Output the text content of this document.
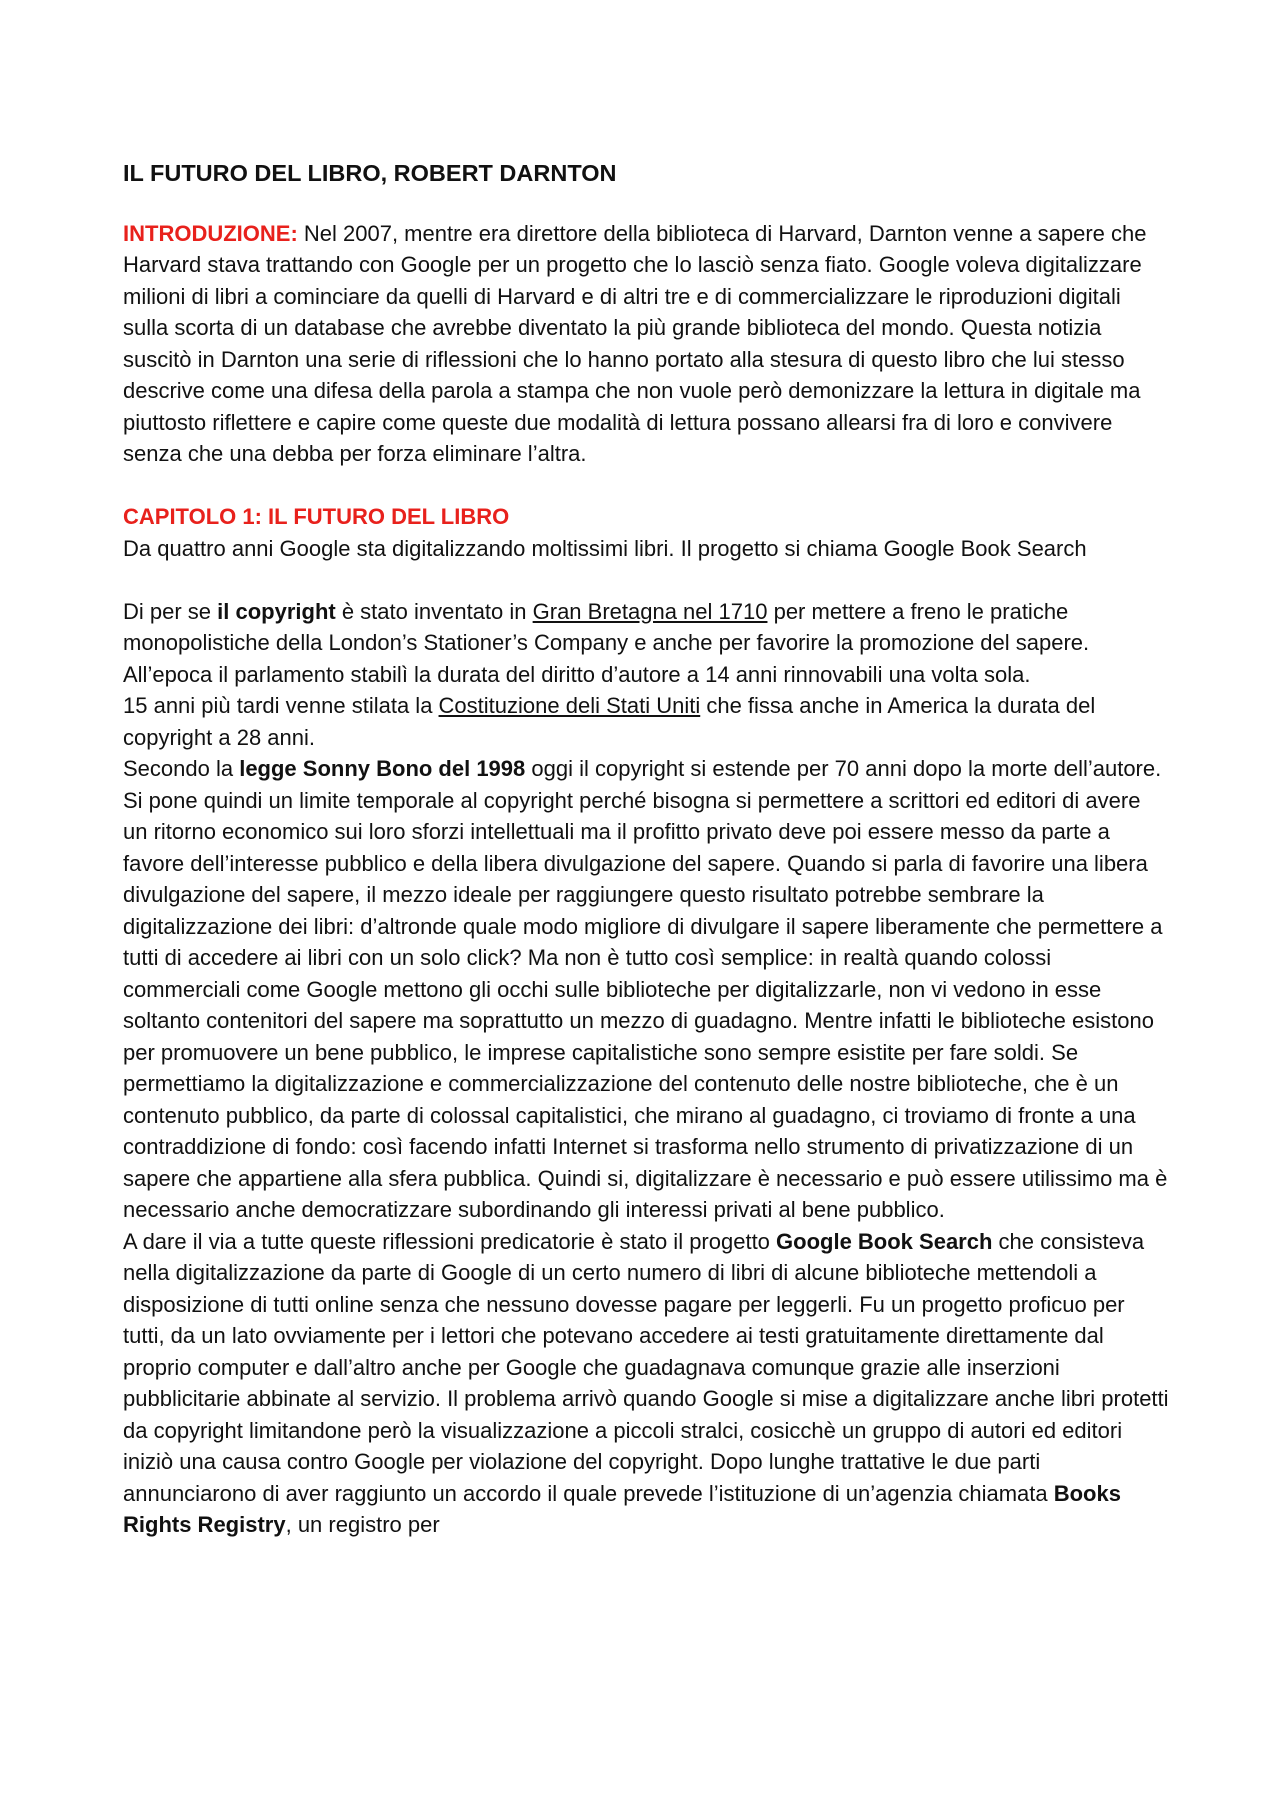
IL FUTURO DEL LIBRO, ROBERT DARNTON

INTRODUZIONE: Nel 2007, mentre era direttore della biblioteca di Harvard, Darnton venne a sapere che Harvard stava trattando con Google per un progetto che lo lasciò senza fiato. Google voleva digitalizzare milioni di libri a cominciare da quelli di Harvard e di altri tre e di commercializzare le riproduzioni digitali sulla scorta di un database che avrebbe diventato la più grande biblioteca del mondo. Questa notizia suscitò in Darnton una serie di riflessioni che lo hanno portato alla stesura di questo libro che lui stesso descrive come una difesa della parola a stampa che non vuole però demonizzare la lettura in digitale ma piuttosto riflettere e capire come queste due modalità di lettura possano allearsi fra di loro e convivere senza che una debba per forza eliminare l’altra.

CAPITOLO 1: IL FUTURO DEL LIBRO

Da quattro anni Google sta digitalizzando moltissimi libri. Il progetto si chiama Google Book Search

Di per se il copyright è stato inventato in Gran Bretagna nel 1710 per mettere a freno le pratiche monopolistiche della London’s Stationer’s Company e anche per favorire la promozione del sapere. All’epoca il parlamento stabilì la durata del diritto d’autore a 14 anni rinnovabili una volta sola.

15 anni più tardi venne stilata la Costituzione deli Stati Uniti che fissa anche in America la durata del copyright a 28 anni.

Secondo la legge Sonny Bono del 1998 oggi il copyright si estende per 70 anni dopo la morte dell’autore. Si pone quindi un limite temporale al copyright perché bisogna si permettere a scrittori ed editori di avere un ritorno economico sui loro sforzi intellettuali ma il profitto privato deve poi essere messo da parte a favore dell’interesse pubblico e della libera divulgazione del sapere. Quando si parla di favorire una libera divulgazione del sapere, il mezzo ideale per raggiungere questo risultato potrebbe sembrare la digitalizzazione dei libri: d’altronde quale modo migliore di divulgare il sapere liberamente che permettere a tutti di accedere ai libri con un solo click? Ma non è tutto così semplice: in realtà quando colossi commerciali come Google mettono gli occhi sulle biblioteche per digitalizzarle, non vi vedono in esse soltanto contenitori del sapere ma soprattutto un mezzo di guadagno. Mentre infatti le biblioteche esistono per promuovere un bene pubblico, le imprese capitalistiche sono sempre esistite per fare soldi. Se permettiamo la digitalizzazione e commercializzazione del contenuto delle nostre biblioteche, che è un contenuto pubblico, da parte di colossal capitalistici, che mirano al guadagno, ci troviamo di fronte a una contraddizione di fondo: così facendo infatti Internet si trasforma nello strumento di privatizzazione di un sapere che appartiene alla sfera pubblica. Quindi si, digitalizzare è necessario e può essere utilissimo ma è necessario anche democratizzare subordinando gli interessi privati al bene pubblico.

A dare il via a tutte queste riflessioni predicatorie è stato il progetto Google Book Search che consisteva nella digitalizzazione da parte di Google di un certo numero di libri di alcune biblioteche mettendoli a disposizione di tutti online senza che nessuno dovesse pagare per leggerli. Fu un progetto proficuo per tutti, da un lato ovviamente per i lettori che potevano accedere ai testi gratuitamente direttamente dal proprio computer e dall’altro anche per Google che guadagnava comunque grazie alle inserzioni pubblicitarie abbinate al servizio. Il problema arrivò quando Google si mise a digitalizzare anche libri protetti da copyright limitandone però la visualizzazione a piccoli stralci, cosicchè un gruppo di autori ed editori iniziò una causa contro Google per violazione del copyright. Dopo lunghe trattative le due parti annunciarono di aver raggiunto un accordo il quale prevede l’istituzione di un’agenzia chiamata Books Rights Registry, un registro per
